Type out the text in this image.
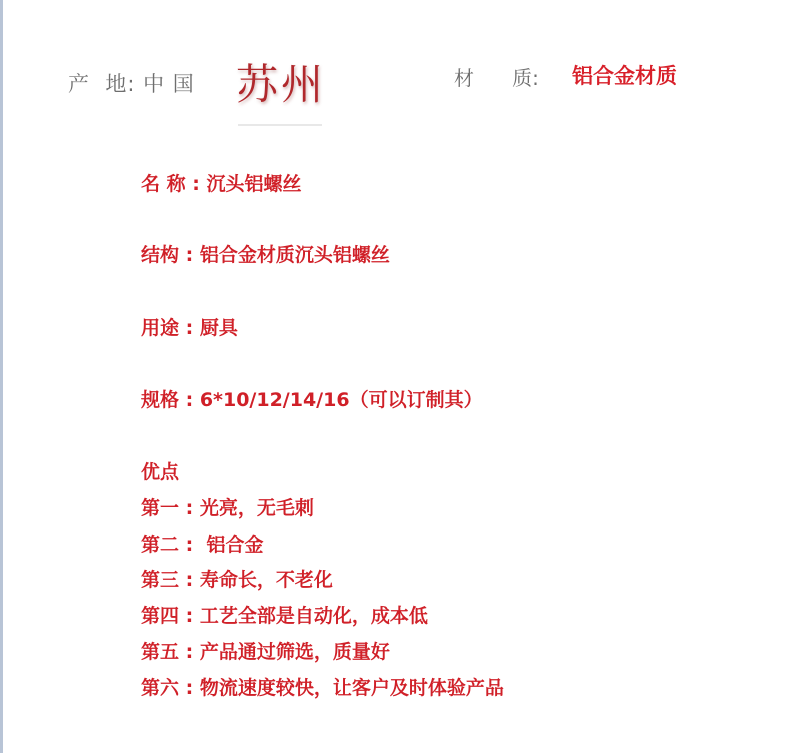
产  地: 中 国 苏州	材      质: 铝合金材质
名 称 : 沉头铝螺丝
结构 : 铝合金材质沉头铝螺丝
用途 : 厨具
规格 : 6*10/12/14/16（可以订制其）
优点
第一 : 光亮，无毛刺
第二 :  铝合金
第三 : 寿命长，不老化
第四 : 工艺全部是自动化，成本低
第五 : 产品通过筛选，质量好
第六 : 物流速度较快，让客户及时体验产品
